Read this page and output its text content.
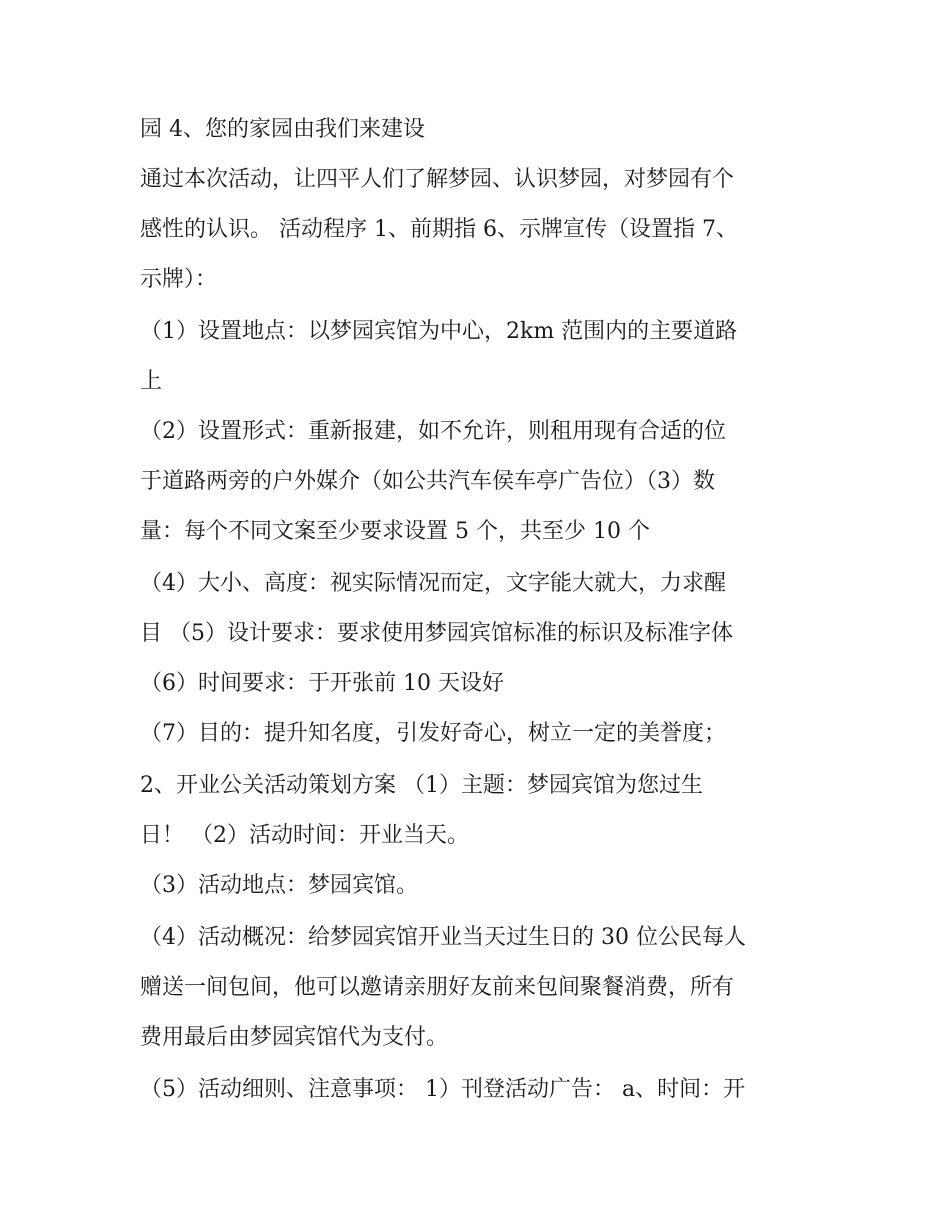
园 4、您的家园由我们来建设
通过本次活动，让四平人们了解梦园、认识梦园，对梦园有个
感性的认识。 活动程序 1、前期指 6、示牌宣传（设置指 7、
示牌）：
（1）设置地点：以梦园宾馆为中心，2km 范围内的主要道路
上
（2）设置形式：重新报建，如不允许，则租用现有合适的位
于道路两旁的户外媒介（如公共汽车侯车亭广告位）（3）数
量：每个不同文案至少要求设置 5 个，共至少 10 个
（4）大小、高度：视实际情况而定，文字能大就大，力求醒
目 （5）设计要求：要求使用梦园宾馆标准的标识及标准字体
（6）时间要求：于开张前 10 天设好
（7）目的：提升知名度，引发好奇心，树立一定的美誉度；
2、开业公关活动策划方案 （1）主题：梦园宾馆为您过生
日！ （2）活动时间：开业当天。
（3）活动地点：梦园宾馆。
（4）活动概况：给梦园宾馆开业当天过生日的 30 位公民每人
赠送一间包间，他可以邀请亲朋好友前来包间聚餐消费，所有
费用最后由梦园宾馆代为支付。
（5）活动细则、注意事项： 1）刊登活动广告： a、时间：开
